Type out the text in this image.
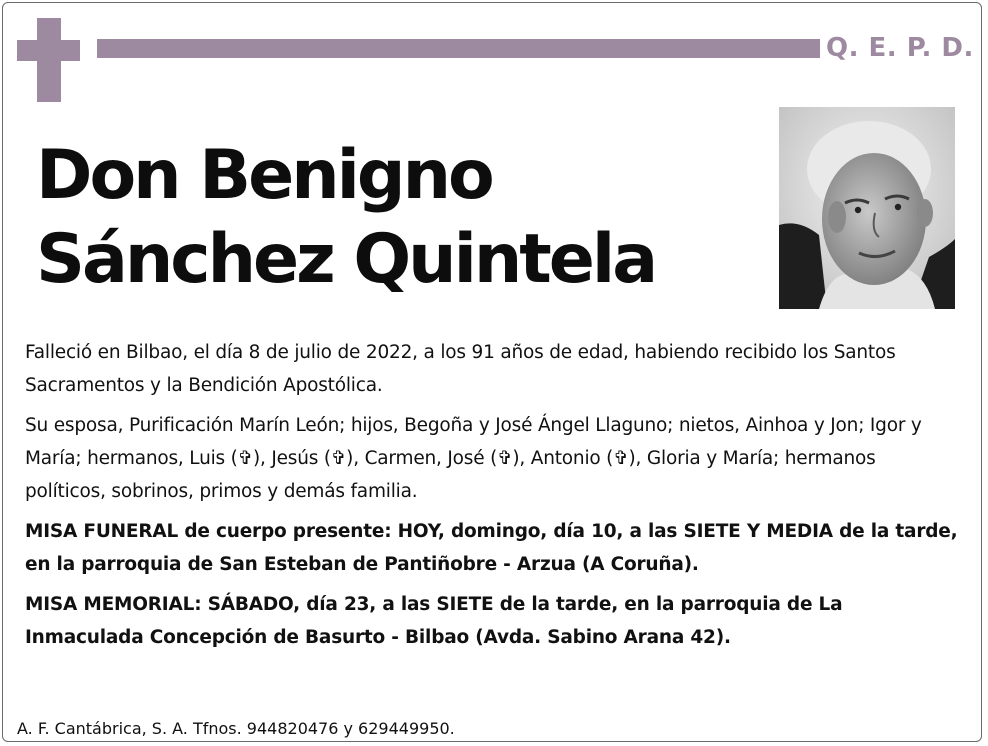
Q. E. P. D.
Don Benigno
Sánchez Quintela

Falleció en Bilbao, el día 8 de julio de 2022, a los 91 años de edad, habiendo recibido los Santos Sacramentos y la Bendición Apostólica.

Su esposa, Purificación Marín León; hijos, Begoña y José Ángel Llaguno; nietos, Ainhoa y Jon; Igor y María; hermanos, Luis (✞), Jesús (✞), Carmen, José (✞), Antonio (✞), Gloria y María; hermanos políticos, sobrinos, primos y demás familia.

MISA FUNERAL de cuerpo presente: HOY, domingo, día 10, a las SIETE Y MEDIA de la tarde, en la parroquia de San Esteban de Pantiñobre - Arzua (A Coruña).

MISA MEMORIAL: SÁBADO, día 23, a las SIETE de la tarde, en la parroquia de La Inmaculada Concepción de Basurto - Bilbao (Avda. Sabino Arana 42).

A. F. Cantábrica, S. A. Tfnos. 944820476 y 629449950.
